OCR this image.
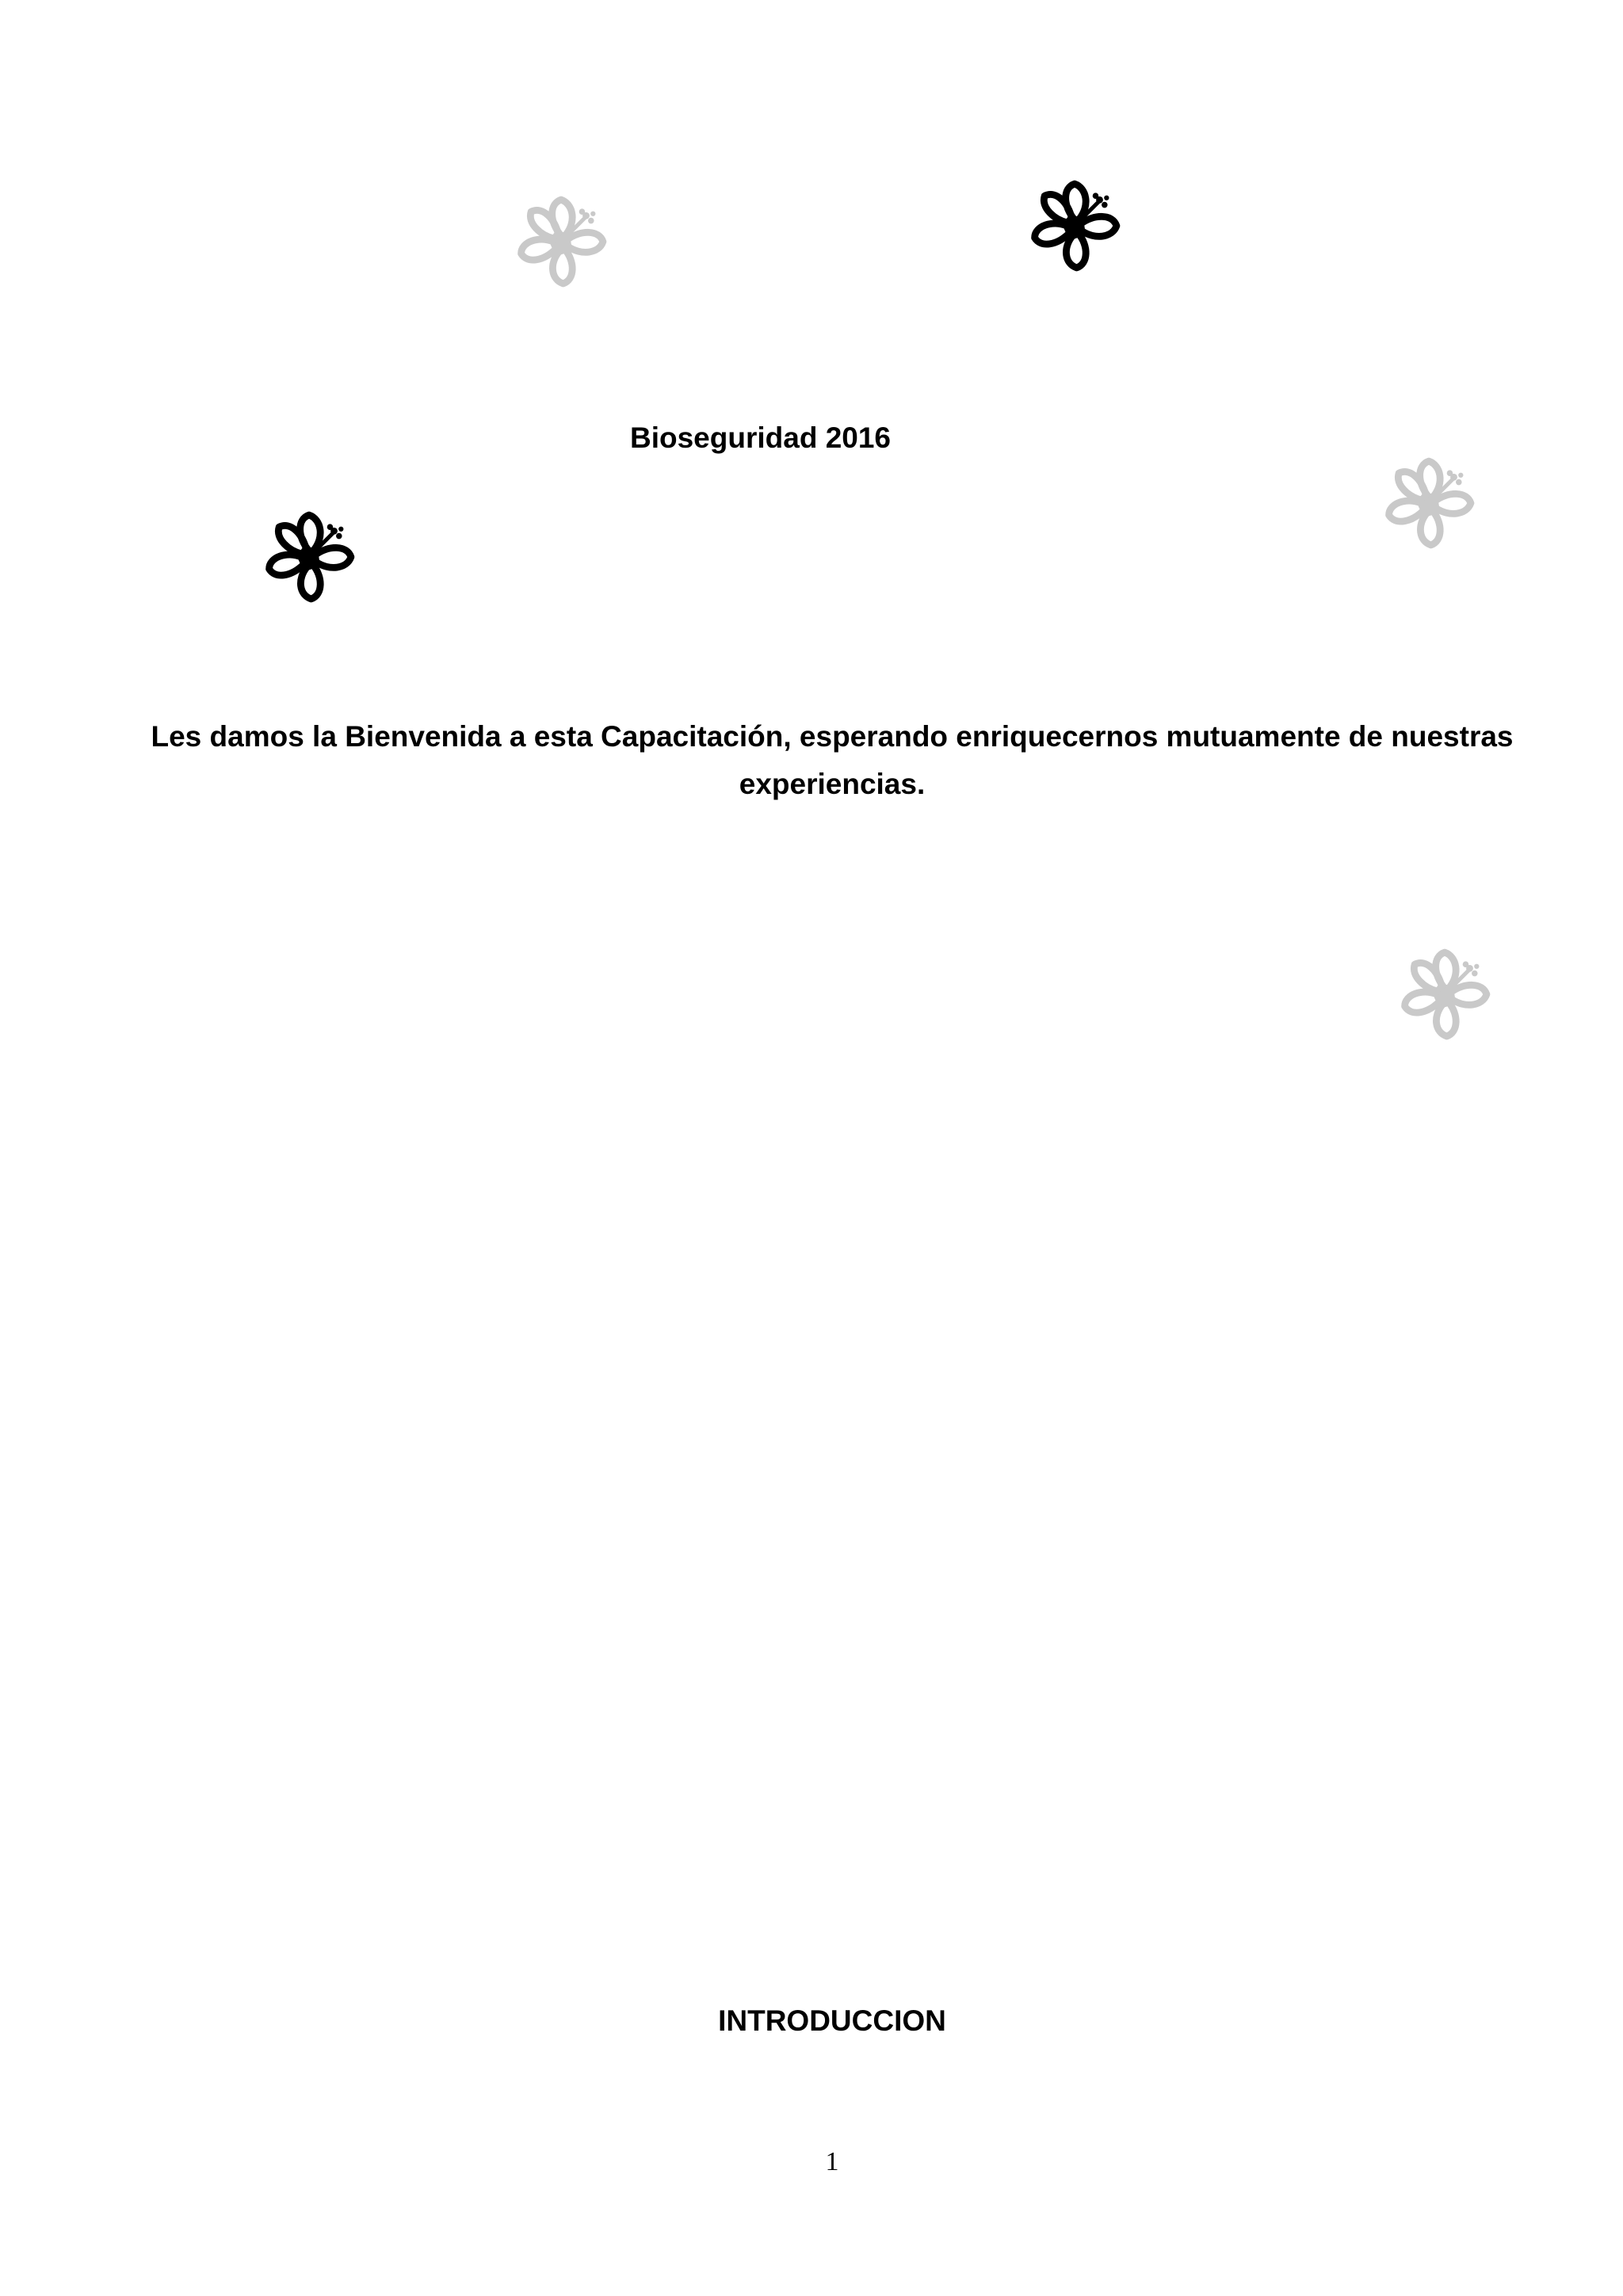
Bioseguridad 2016
Les damos la Bienvenida a esta Capacitación, esperando enriquecernos mutuamente de nuestras experiencias.
INTRODUCCION
1
